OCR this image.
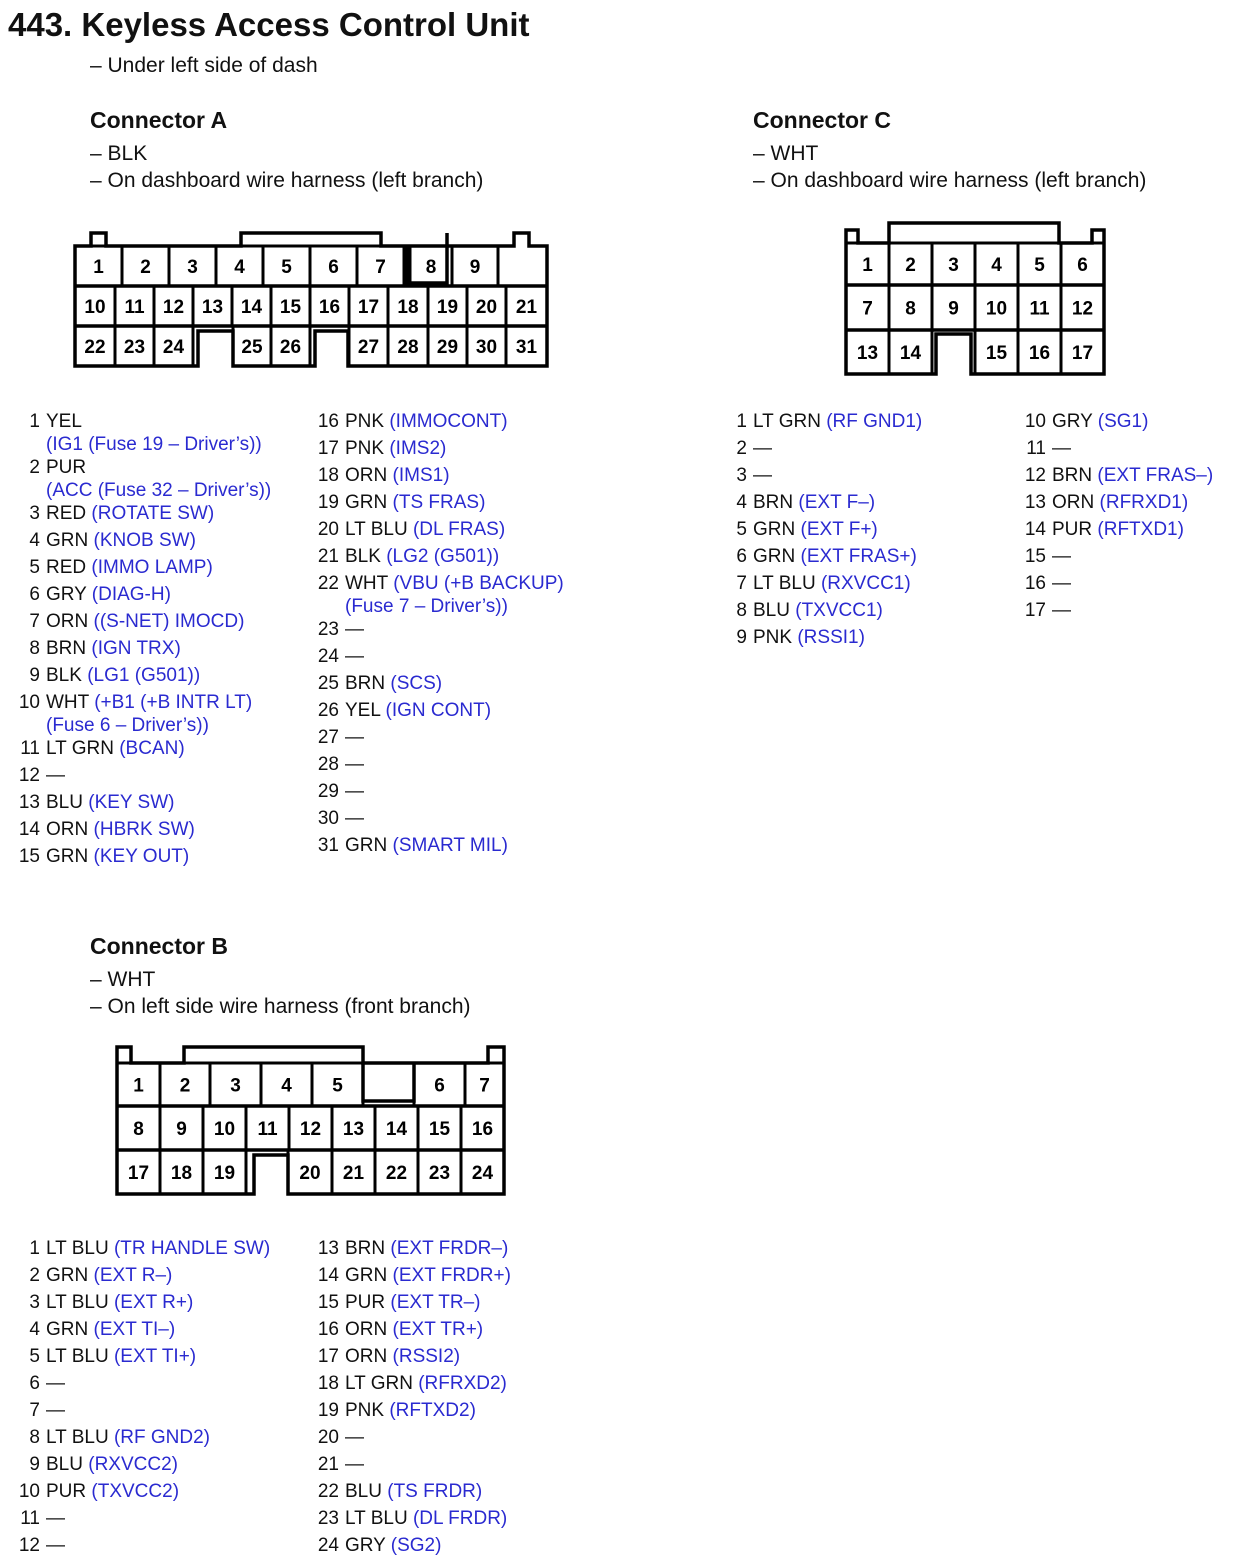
443. Keyless Access Control Unit
– Under left side of dash
Connector A
– BLK
– On dashboard wire harness (left branch)
Connector C
– WHT
– On dashboard wire harness (left branch)
Connector B
– WHT
– On left side wire harness (front branch)
1 2 3 4 5 6 7 8 9
10 11 12 13 14 15 16 17 18 19 20 21
22 23 24	25 26	27 28 29 30 31
1 2 3 4 5 6
7 8 9 10 11 12
13 14	15 16 17
1 2 3 4 5	6 7
8 9 10 11 12 13 14 15 16
17 18 19	20 21 22 23 24
1 YEL
(IG1 (Fuse 19 – Driver’s))
2 PUR
(ACC (Fuse 32 – Driver’s))
3 RED (ROTATE SW)
4 GRN (KNOB SW)
5 RED (IMMO LAMP)
6 GRY (DIAG-H)
7 ORN ((S-NET) IMOCD)
8 BRN (IGN TRX)
9 BLK (LG1 (G501))
10 WHT (+B1 (+B INTR LT)
(Fuse 6 – Driver’s))
11 LT GRN (BCAN)
12 —
13 BLU (KEY SW)
14 ORN (HBRK SW)
15 GRN (KEY OUT)
16 PNK (IMMOCONT)
17 PNK (IMS2)
18 ORN (IMS1)
19 GRN (TS FRAS)
20 LT BLU (DL FRAS)
21 BLK (LG2 (G501))
22 WHT (VBU (+B BACKUP)
(Fuse 7 – Driver’s))
23 —
24 —
25 BRN (SCS)
26 YEL (IGN CONT)
27 —
28 —
29 —
30 —
31 GRN (SMART MIL)
1 LT GRN (RF GND1)
2 —
3 —
4 BRN (EXT F–)
5 GRN (EXT F+)
6 GRN (EXT FRAS+)
7 LT BLU (RXVCC1)
8 BLU (TXVCC1)
9 PNK (RSSI1)
10 GRY (SG1)
11 —
12 BRN (EXT FRAS–)
13 ORN (RFRXD1)
14 PUR (RFTXD1)
15 —
16 —
17 —
1 LT BLU (TR HANDLE SW)
2 GRN (EXT R–)
3 LT BLU (EXT R+)
4 GRN (EXT TI–)
5 LT BLU (EXT TI+)
6 —
7 —
8 LT BLU (RF GND2)
9 BLU (RXVCC2)
10 PUR (TXVCC2)
11 —
12 —
13 BRN (EXT FRDR–)
14 GRN (EXT FRDR+)
15 PUR (EXT TR–)
16 ORN (EXT TR+)
17 ORN (RSSI2)
18 LT GRN (RFRXD2)
19 PNK (RFTXD2)
20 —
21 —
22 BLU (TS FRDR)
23 LT BLU (DL FRDR)
24 GRY (SG2)
